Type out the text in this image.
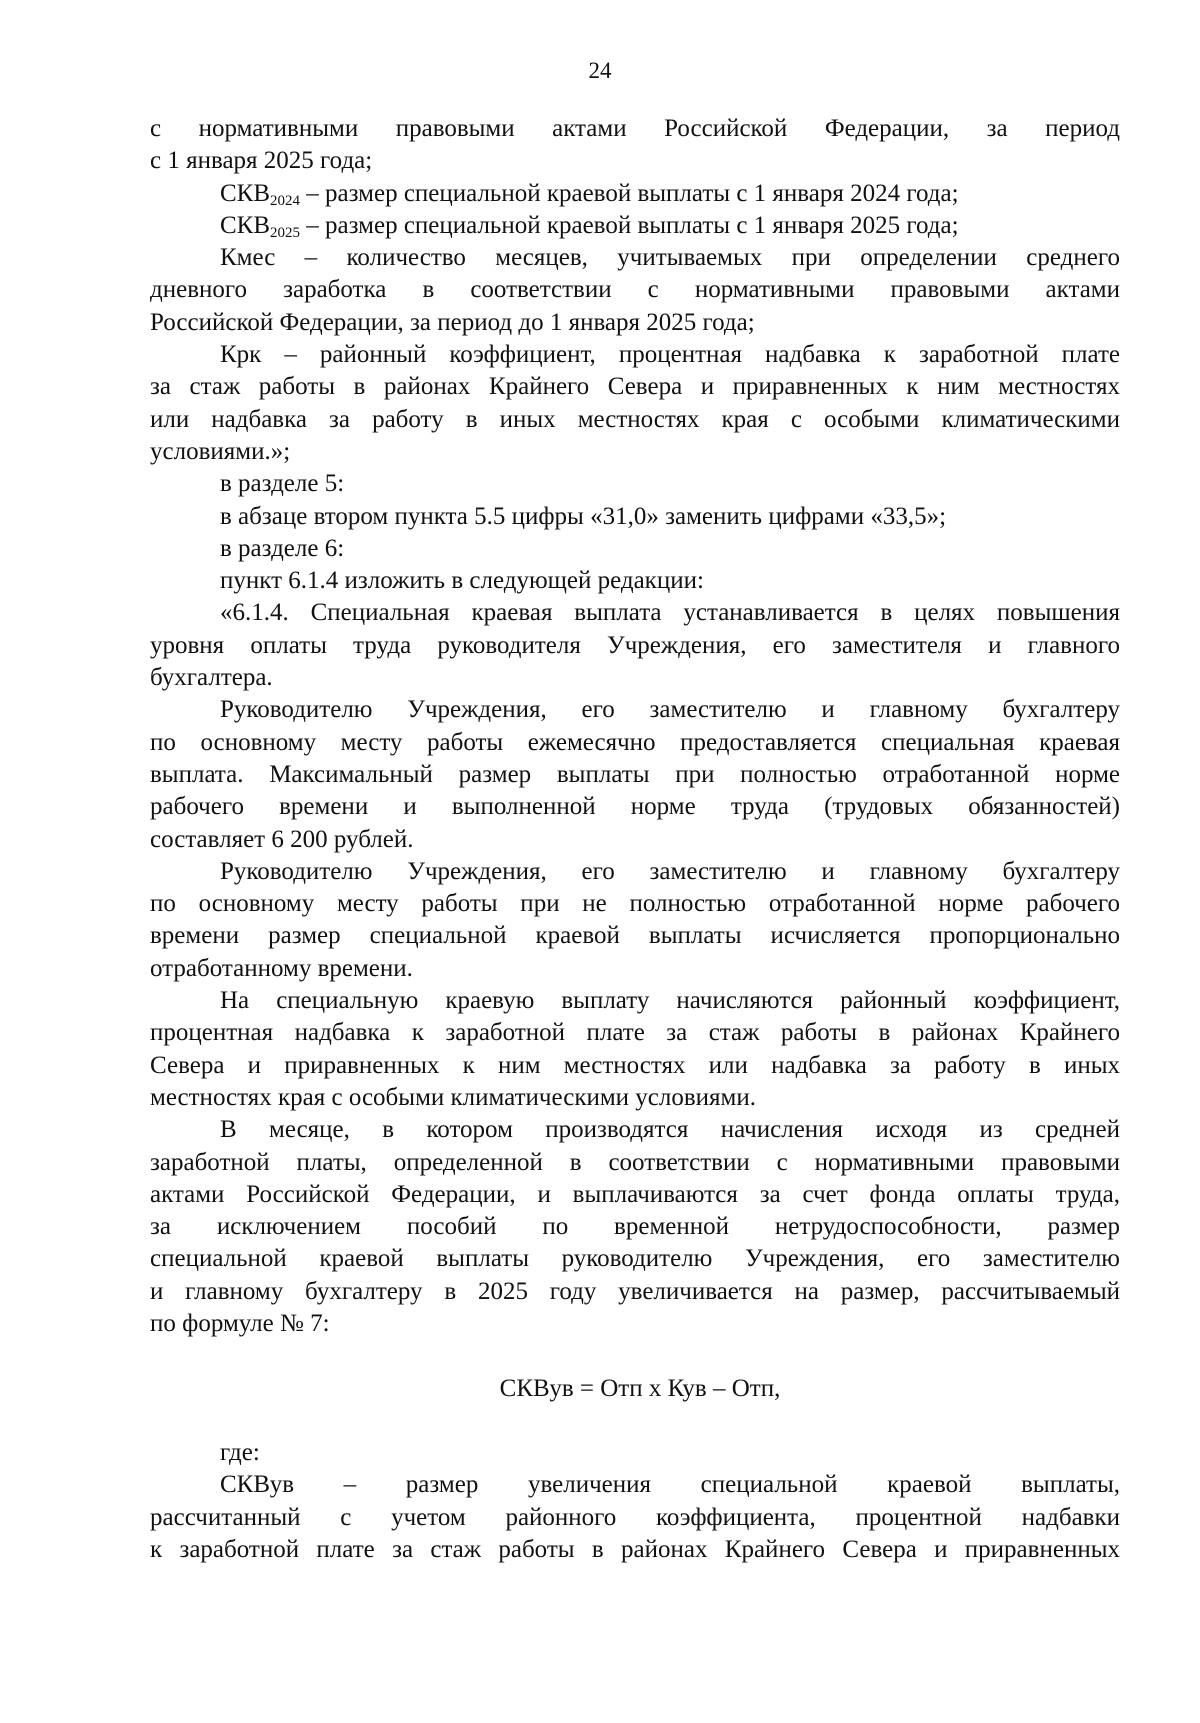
24

с нормативными правовыми актами Российской Федерации, за период

с 1 января 2025 года;

$СКВ_{2024}$ – размер специальной краевой выплаты с 1 января 2024 года;

$СКВ_{2025}$ – размер специальной краевой выплаты с 1 января 2025 года;

Кмес – количество месяцев, учитываемых при определении среднего

дневного заработка в соответствии с нормативными правовыми актами

Российской Федерации, за период до 1 января 2025 года;

Крк – районный коэффициент, процентная надбавка к заработной плате

за стаж работы в районах Крайнего Севера и приравненных к ним местностях

или надбавка за работу в иных местностях края с особыми климатическими

условиями.»;

в разделе 5:

в абзаце втором пункта 5.5 цифры «31,0» заменить цифрами «33,5»;

в разделе 6:

пункт 6.1.4 изложить в следующей редакции:

«6.1.4. Специальная краевая выплата устанавливается в целях повышения

уровня оплаты труда руководителя Учреждения, его заместителя и главного

бухгалтера.

Руководителю Учреждения, его заместителю и главному бухгалтеру

по основному месту работы ежемесячно предоставляется специальная краевая

выплата. Максимальный размер выплаты при полностью отработанной норме

рабочего времени и выполненной норме труда (трудовых обязанностей)

составляет 6 200 рублей.

Руководителю Учреждения, его заместителю и главному бухгалтеру

по основному месту работы при не полностью отработанной норме рабочего

времени размер специальной краевой выплаты исчисляется пропорционально

отработанному времени.

На специальную краевую выплату начисляются районный коэффициент,

процентная надбавка к заработной плате за стаж работы в районах Крайнего

Севера и приравненных к ним местностях или надбавка за работу в иных

местностях края с особыми климатическими условиями.

В месяце, в котором производятся начисления исходя из средней

заработной платы, определенной в соответствии с нормативными правовыми

актами Российской Федерации, и выплачиваются за счет фонда оплаты труда,

за исключением пособий по временной нетрудоспособности, размер

специальной краевой выплаты руководителю Учреждения, его заместителю

и главному бухгалтеру в 2025 году увеличивается на размер, рассчитываемый

по формуле № 7:

СКВув = Отп х Кув – Отп,

где:

СКВув – размер увеличения специальной краевой выплаты,

рассчитанный с учетом районного коэффициента, процентной надбавки

к заработной плате за стаж работы в районах Крайнего Севера и приравненных
